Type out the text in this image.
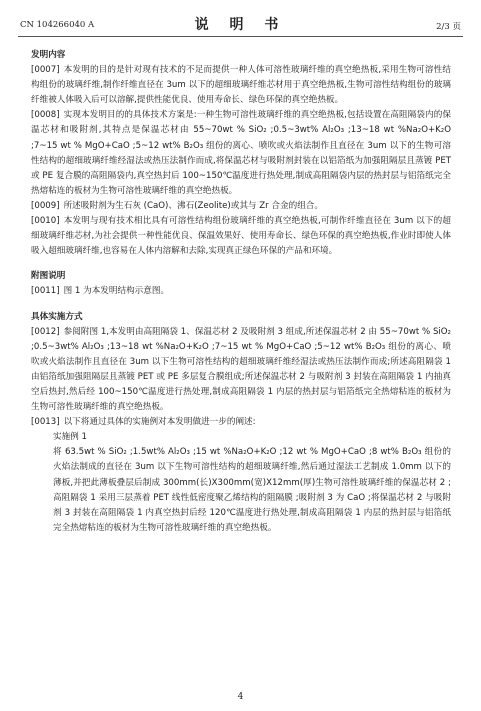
CN 104266040 A	说 明 书	2/3 页

发明内容

[0007] 本发明的目的是针对现有技术的不足而提供一种人体可溶性玻璃纤维的真空绝热板,采用生物可溶性结构组份的玻璃纤维,制作纤维直径在 3um 以下的超细玻璃纤维芯材用于真空绝热板,生物可溶性结构组份的玻璃纤维被人体吸入后可以溶解,提供性能优良、使用寿命长、绿色环保的真空绝热板。

[0008] 实现本发明目的的具体技术方案是:一种生物可溶性玻璃纤维的真空绝热板,包括设置在高阻隔袋内的保温芯材和吸附剂,其特点是保温芯材由 55~70wt % SiO₂ ;0.5~3wt% Al₂O₃ ;13~18 wt %Na₂O+K₂O ;7~15 wt % MgO+CaO ;5~12 wt% B₂O₃ 组份的离心、喷吹或火焰法制作且直径在 3um 以下的生物可溶性结构的超细玻璃纤维经湿法或热压法制作而成,将保温芯材与吸附剂封装在以铝箔纸为加强阻隔层且蒸镀 PET 或 PE 复合膜的高阻隔袋内,真空热封后 100~150℃温度进行热处理,制成高阻隔袋内层的热封层与铝箔纸完全热熔粘连的板材为生物可溶性玻璃纤维的真空绝热板。

[0009] 所述吸附剂为生石灰 (CaO)、沸石(Zeolite)或其与 Zr 合金的组合。

[0010] 本发明与现有技术相比具有可溶性结构组份玻璃纤维的真空绝热板,可制作纤维直径在 3um 以下的超细玻璃纤维芯材,为社会提供一种性能优良、保温效果好、使用寿命长、绿色环保的真空绝热板,作业时即使人体吸入超细玻璃纤维,也容易在人体内溶解和去除,实现真正绿色环保的产品和环境。

附图说明

[0011] 图 1 为本发明结构示意图。

具体实施方式

[0012] 参阅附图 1,本发明由高阻隔袋 1、保温芯材 2 及吸附剂 3 组成,所述保温芯材 2 由 55~70wt % SiO₂ ;0.5~3wt% Al₂O₃ ;13~18 wt %Na₂O+K₂O ;7~15 wt % MgO+CaO ;5~12 wt% B₂O₃ 组份的离心、喷吹或火焰法制作且直径在 3um 以下生物可溶性结构的超细玻璃纤维经湿法或热压法制作而成;所述高阻隔袋 1 由铝箔纸加强阻隔层且蒸镀 PET 或 PE 多层复合膜组成;所述保温芯材 2 与吸附剂 3 封装在高阻隔袋 1 内抽真空后热封,然后经 100~150℃温度进行热处理,制成高阻隔袋 1 内层的热封层与铝箔纸完全热熔粘连的板材为生物可溶性玻璃纤维的真空绝热板。

[0013] 以下将通过具体的实施例对本发明做进一步的阐述:

实施例 1

将 63.5wt % SiO₂ ;1.5wt% Al₂O₃ ;15 wt %Na₂O+K₂O ;12 wt % MgO+CaO ;8 wt% B₂O₃ 组份的火焰法制成的直径在 3um 以下生物可溶性结构的超细玻璃纤维,然后通过湿法工艺制成 1.0mm 以下的薄板,并把此薄板叠层后制成 300mm(长)X300mm(宽)X12mm(厚)生物可溶性玻璃纤维的保温芯材 2 ;高阻隔袋 1 采用三层蒸着 PET 线性低密度聚乙烯结构的阻隔膜 ;吸附剂 3 为 CaO ;将保温芯材 2 与吸附剂 3 封装在高阻隔袋 1 内真空热封后经 120℃温度进行热处理,制成高阻隔袋 1 内层的热封层与铝箔纸完全热熔粘连的板材为生物可溶性玻璃纤维的真空绝热板。

4
